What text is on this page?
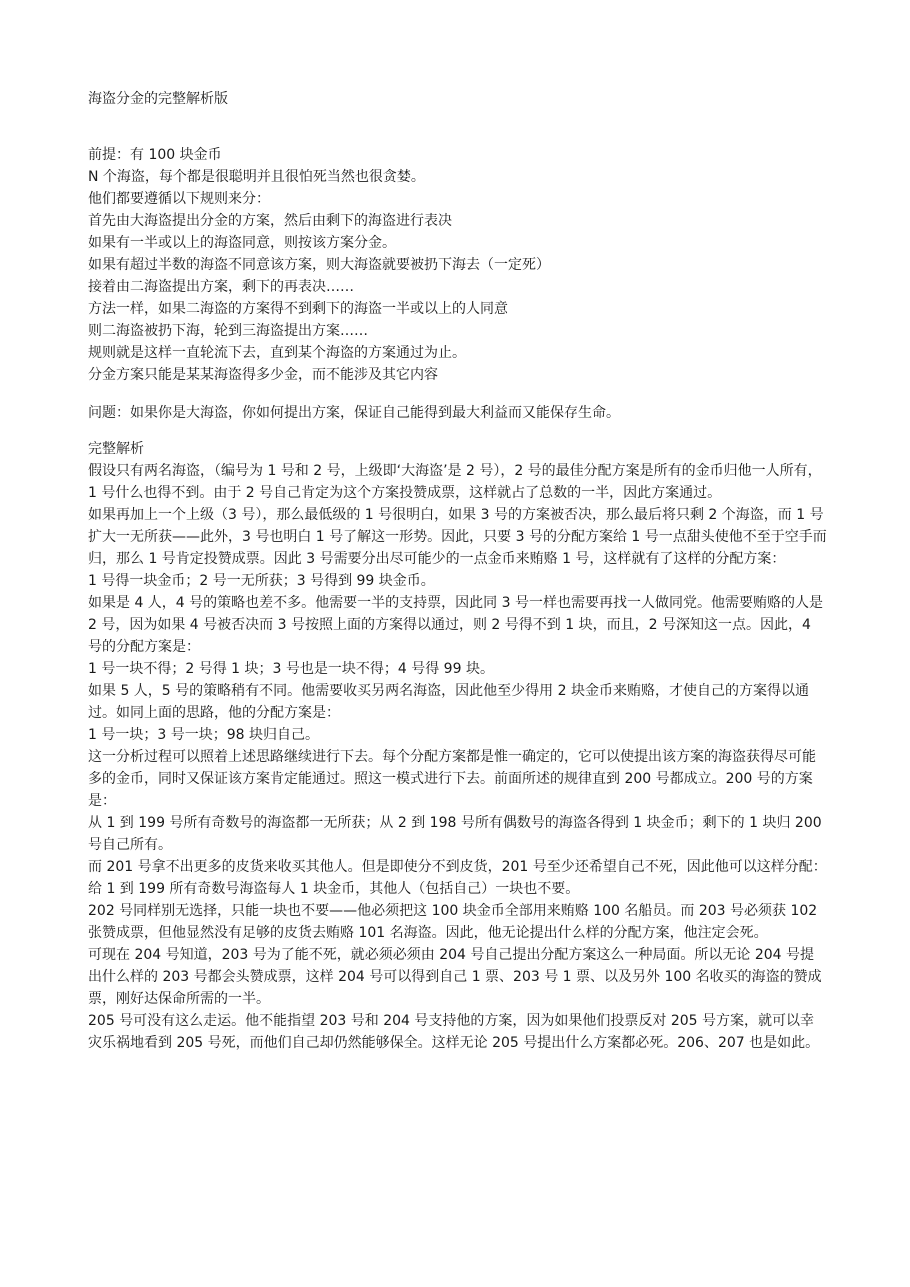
海盗分金的完整解析版

前提：有 100 块金币

N 个海盗，每个都是很聪明并且很怕死当然也很贪婪。

他们都要遵循以下规则来分：

首先由大海盗提出分金的方案，然后由剩下的海盗进行表决

如果有一半或以上的海盗同意，则按该方案分金。

如果有超过半数的海盗不同意该方案，则大海盗就要被扔下海去（一定死）

接着由二海盗提出方案，剩下的再表决……

方法一样，如果二海盗的方案得不到剩下的海盗一半或以上的人同意

则二海盗被扔下海，轮到三海盗提出方案……

规则就是这样一直轮流下去，直到某个海盗的方案通过为止。

分金方案只能是某某海盗得多少金，而不能涉及其它内容

问题：如果你是大海盗，你如何提出方案，保证自己能得到最大利益而又能保存生命。

完整解析

假设只有两名海盗，（编号为 1 号和 2 号，上级即‘大海盗’是 2 号），2 号的最佳分配方案是所有的金币归他一人所有，1 号什么也得不到。由于 2 号自己肯定为这个方案投赞成票，这样就占了总数的一半，因此方案通过。

如果再加上一个上级（3 号），那么最低级的 1 号很明白，如果 3 号的方案被否决，那么最后将只剩 2 个海盗，而 1 号扩大一无所获——此外，3 号也明白 1 号了解这一形势。因此，只要 3 号的分配方案给 1 号一点甜头使他不至于空手而归，那么 1 号肯定投赞成票。因此 3 号需要分出尽可能少的一点金币来贿赂 1 号，这样就有了这样的分配方案：

1 号得一块金币；2 号一无所获；3 号得到 99 块金币。

如果是 4 人，4 号的策略也差不多。他需要一半的支持票，因此同 3 号一样也需要再找一人做同党。他需要贿赂的人是 2 号，因为如果 4 号被否决而 3 号按照上面的方案得以通过，则 2 号得不到 1 块，而且，2 号深知这一点。因此，4 号的分配方案是：

1 号一块不得；2 号得 1 块；3 号也是一块不得；4 号得 99 块。

如果 5 人，5 号的策略稍有不同。他需要收买另两名海盗，因此他至少得用 2 块金币来贿赂，才使自己的方案得以通过。如同上面的思路，他的分配方案是：

1 号一块；3 号一块；98 块归自己。

这一分析过程可以照着上述思路继续进行下去。每个分配方案都是惟一确定的，它可以使提出该方案的海盗获得尽可能多的金币，同时又保证该方案肯定能通过。照这一模式进行下去。前面所述的规律直到 200 号都成立。200 号的方案是：

从 1 到 199 号所有奇数号的海盗都一无所获；从 2 到 198 号所有偶数号的海盗各得到 1 块金币；剩下的 1 块归 200 号自己所有。

而 201 号拿不出更多的皮货来收买其他人。但是即使分不到皮货，201 号至少还希望自己不死，因此他可以这样分配：

给 1 到 199 所有奇数号海盗每人 1 块金币，其他人（包括自己）一块也不要。

202 号同样别无选择，只能一块也不要——他必须把这 100 块金币全部用来贿赂 100 名船员。而 203 号必须获 102 张赞成票，但他显然没有足够的皮货去贿赂 101 名海盗。因此，他无论提出什么样的分配方案，他注定会死。

可现在 204 号知道，203 号为了能不死，就必须必须由 204 号自己提出分配方案这么一种局面。所以无论 204 号提出什么样的 203 号都会头赞成票，这样 204 号可以得到自己 1 票、203 号 1 票、以及另外 100 名收买的海盗的赞成票，刚好达保命所需的一半。

205 号可没有这么走运。他不能指望 203 号和 204 号支持他的方案，因为如果他们投票反对 205 号方案，就可以幸灾乐祸地看到 205 号死，而他们自己却仍然能够保全。这样无论 205 号提出什么方案都必死。206、207 也是如此。
